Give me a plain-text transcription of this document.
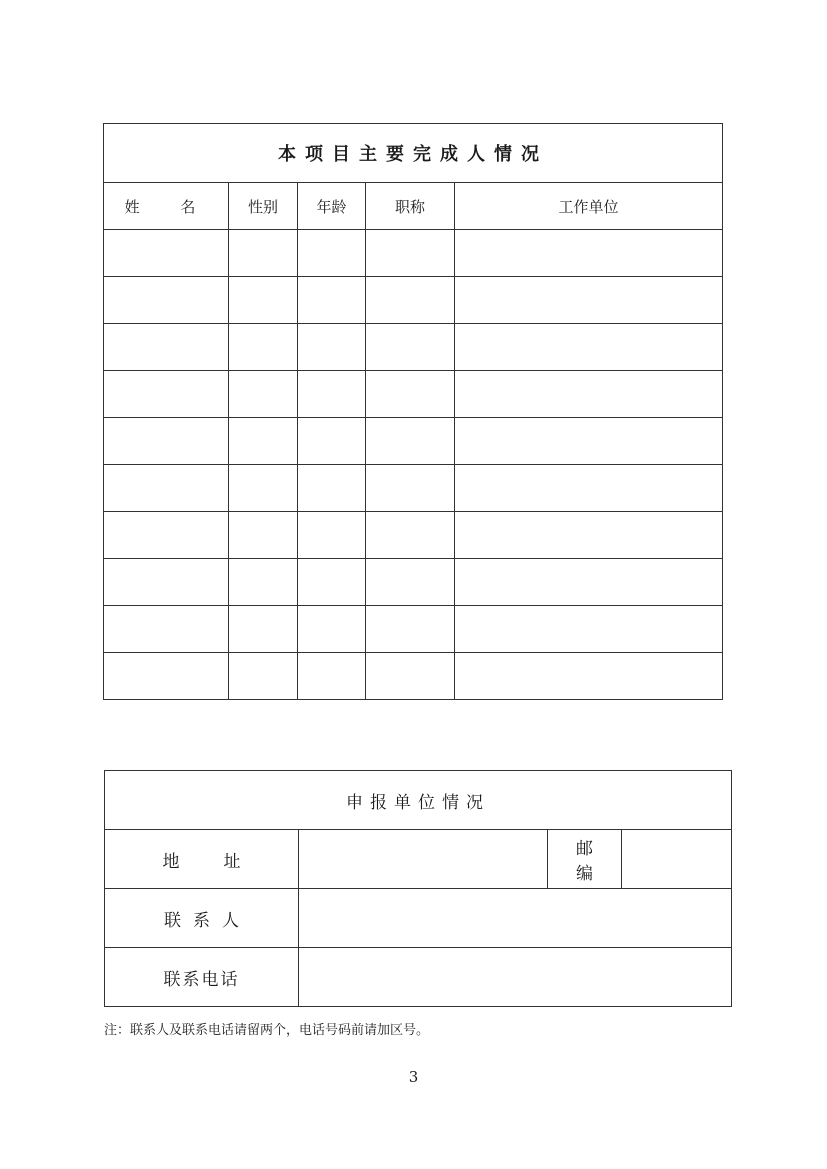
本项目主要完成人情况				
姓 名	性别	年龄	职称	工作单位

申报单位情况			
地址		邮编	
联系人			
联系电话			
注：联系人及联系电话请留两个，电话号码前请加区号。
3
